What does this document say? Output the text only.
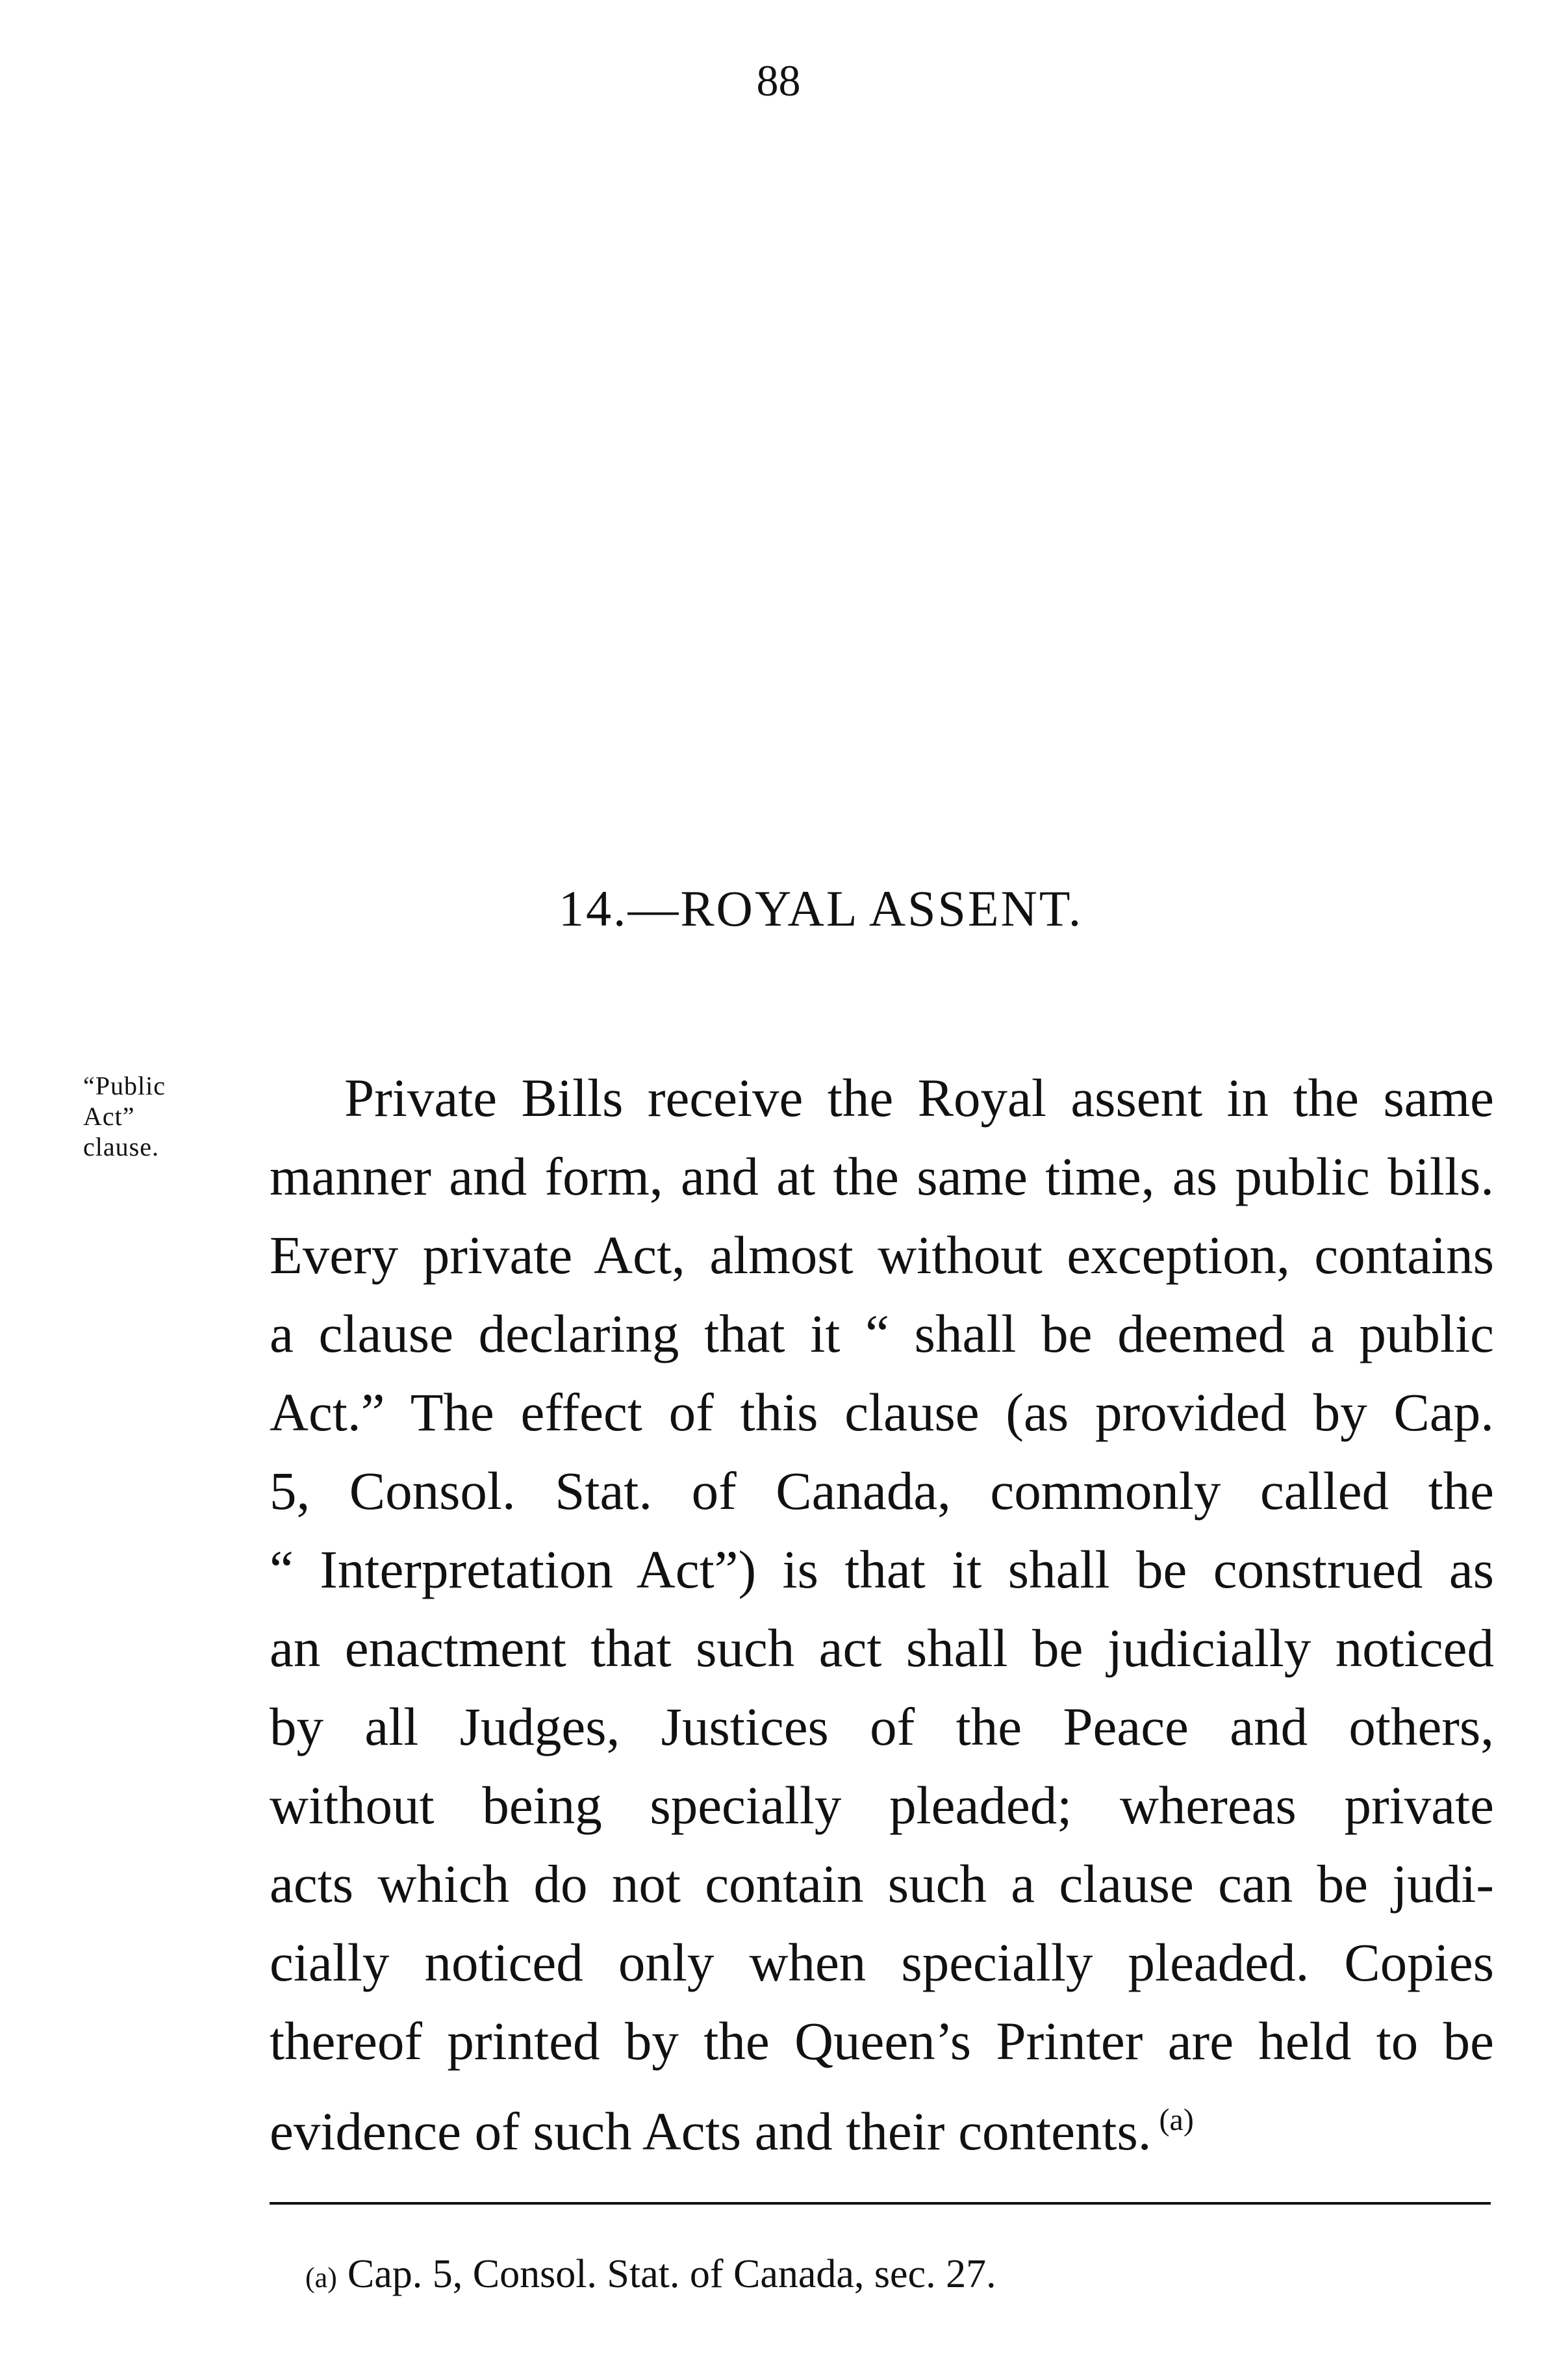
88
14.—ROYAL ASSENT.
“Public
Act”
clause.
Private Bills receive the Royal assent in the same
manner and form, and at the same time, as public bills.
Every private Act, almost without exception, contains
a clause declaring that it “ shall be deemed a public
Act.” The effect of this clause (as provided by Cap.
5, Consol. Stat. of Canada, commonly called the
“ Interpretation Act”) is that it shall be construed as
an enactment that such act shall be judicially noticed
by all Judges, Justices of the Peace and others,
without being specially pleaded; whereas private
acts which do not contain such a clause can be judi-
cially noticed only when specially pleaded. Copies
thereof printed by the Queen’s Printer are held to be
evidence of such Acts and their contents. $^{(a)}$
(a) Cap. 5, Consol. Stat. of Canada, sec. 27.
